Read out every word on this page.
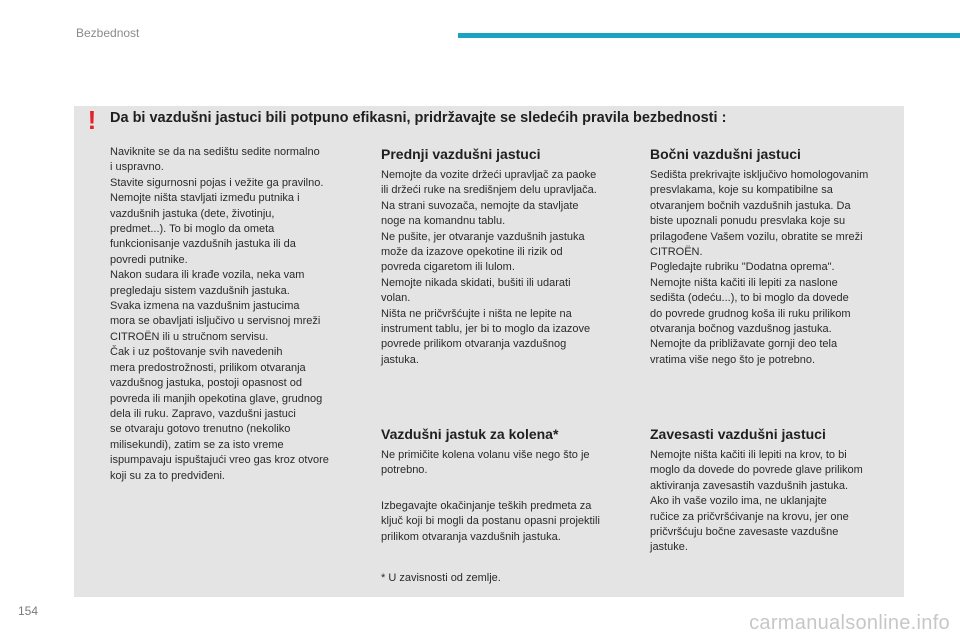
Bezbednost
! Da bi vazdušni jastuci bili potpuno efikasni, pridržavajte se sledećih pravila bezbednosti :

Naviknite se da na sedištu sedite normalno
i uspravno.
Stavite sigurnosni pojas i vežite ga pravilno.
Nemojte ništa stavljati između putnika i
vazdušnih jastuka (dete, životinju,
predmet...). To bi moglo da ometa
funkcionisanje vazdušnih jastuka ili da
povredi putnike.
Nakon sudara ili krađe vozila, neka vam
pregledaju sistem vazdušnih jastuka.
Svaka izmena na vazdušnim jastucima
mora se obavljati isljučivo u servisnoj mreži
CITROËN ili u stručnom servisu.
Čak i uz poštovanje svih navedenih
mera predostrožnosti, prilikom otvaranja
vazdušnog jastuka, postoji opasnost od
povreda ili manjih opekotina glave, grudnog
dela ili ruku. Zapravo, vazdušni jastuci
se otvaraju gotovo trenutno (nekoliko
milisekundi), zatim se za isto vreme
ispumpavaju ispuštajući vreo gas kroz otvore
koji su za to predviđeni.

Prednji vazdušni jastuci

Nemojte da vozite držeći upravljač za paoke
ili držeći ruke na središnjem delu upravljača.
Na strani suvozača, nemojte da stavljate
noge na komandnu tablu.
Ne pušite, jer otvaranje vazdušnih jastuka
može da izazove opekotine ili rizik od
povreda cigaretom ili lulom.
Nemojte nikada skidati, bušiti ili udarati
volan.
Ništa ne pričvršćujte i ništa ne lepite na
instrument tablu, jer bi to moglo da izazove
povrede prilikom otvaranja vazdušnog
jastuka.

Bočni vazdušni jastuci

Sedišta prekrivajte isključivo homologovanim
presvlakama, koje su kompatibilne sa
otvaranjem bočnih vazdušnih jastuka. Da
biste upoznali ponudu presvlaka koje su
prilagođene Vašem vozilu, obratite se mreži
CITROËN.
Pogledajte rubriku "Dodatna oprema".
Nemojte ništa kačiti ili lepiti za naslone
sedišta (odeću...), to bi moglo da dovede
do povrede grudnog koša ili ruku prilikom
otvaranja bočnog vazdušnog jastuka.
Nemojte da približavate gornji deo tela
vratima više nego što je potrebno.

Vazdušni jastuk za kolena*

Ne primičite kolena volanu više nego što je
potrebno.

Izbegavajte okačinjanje teških predmeta za
ključ koji bi mogli da postanu opasni projektili
prilikom otvaranja vazdušnih jastuka.

* U zavisnosti od zemlje.

Zavesasti vazdušni jastuci

Nemojte ništa kačiti ili lepiti na krov, to bi
moglo da dovede do povrede glave prilikom
aktiviranja zavesastih vazdušnih jastuka.
Ako ih vaše vozilo ima, ne uklanjajte
ručice za pričvršćivanje na krovu, jer one
pričvršćuju bočne zavesaste vazdušne
jastuke.

154
carmanualsonline.info
